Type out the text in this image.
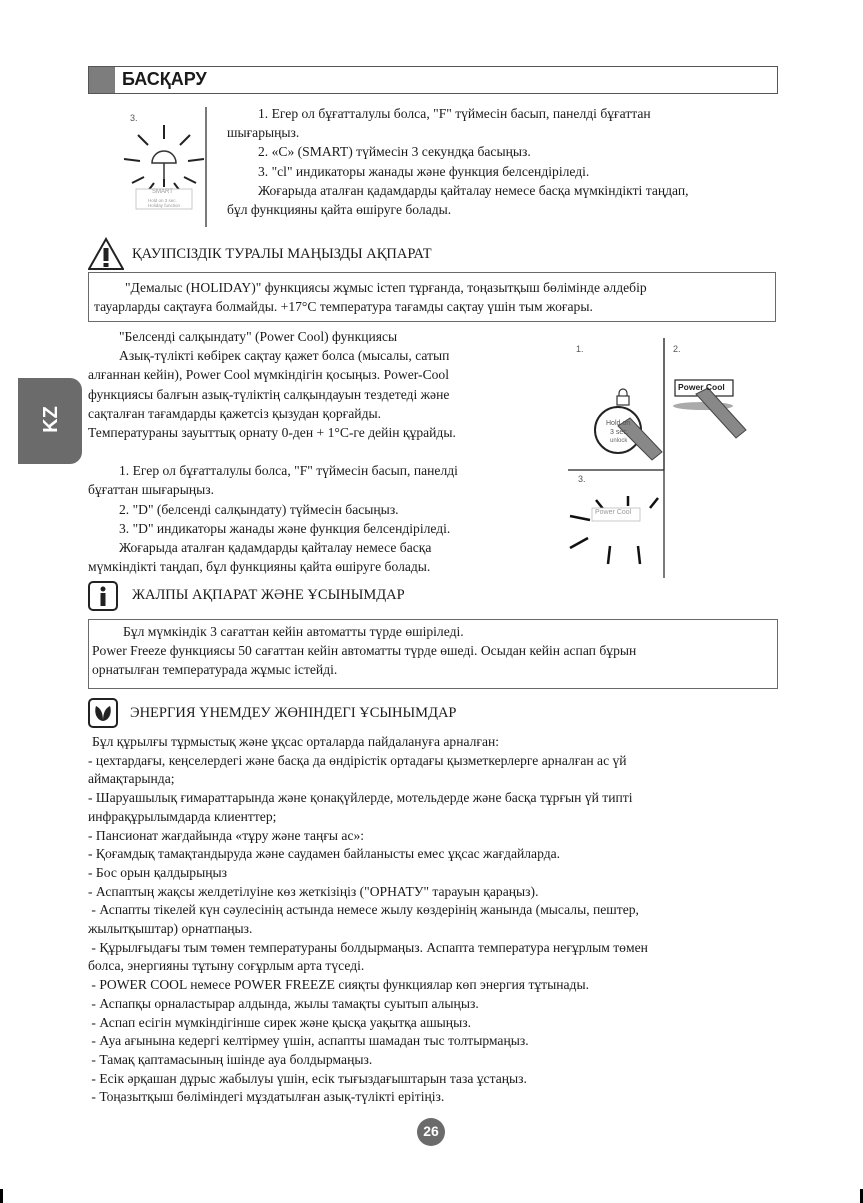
БАСҚАРУ
KZ
3.
SMART
Hold on 3 sec.
Holiday function

1. Егер ол бұғатталулы болса, "F" түймесін басып, панелді бұғаттан

шығарыңыз.

2. «C» (SMART) түймесін 3 секундқа басыңыз.

3. "cl" индикаторы жанады және функция белсендіріледі.

Жоғарыда аталған қадамдарды қайталау немесе басқа мүмкіндікті таңдап,

бұл функцияны қайта өшіруге болады.

ҚАУІПСІЗДІК ТУРАЛЫ МАҢЫЗДЫ АҚПАРАТ

"Демалыс (HOLIDAY)" функциясы жұмыс істеп тұрғанда, тоңазытқыш бөлімінде әлдебір

тауарларды сақтауға болмайды. +17°C температура тағамды сақтау үшін тым жоғары.

"Белсенді салқындату" (Power Cool) функциясы

Азық-түлікті көбірек сақтау қажет болса (мысалы, сатып

алғаннан кейін), Power Cool мүмкіндігін қосыңыз. Power-Cool

функциясы балғын азық-түліктің салқындауын тездетеді және

сақталған тағамдарды қажетсіз қызудан қорғайды.

Температураны зауыттық орнату 0-ден + 1°C-ге дейін құрайды.

1. Егер ол бұғатталулы болса, "F" түймесін басып, панелді

бұғаттан шығарыңыз.

2. "D" (белсенді салқындату) түймесін басыңыз.

3. "D" индикаторы жанады және функция белсендіріледі.

Жоғарыда аталған қадамдарды қайталау немесе басқа

мүмкіндікті таңдап, бұл функцияны қайта өшіруге болады.

1.	2.
3.
Hold on
3 sec.
unlock
Power Cool
Power Cool
ЖАЛПЫ АҚПАРАТ ЖӘНЕ ҰСЫНЫМДАР

Бұл мүмкіндік 3 сағаттан кейін автоматты түрде өшіріледі.

Power Freeze функциясы 50 сағаттан кейін автоматты түрде өшеді. Осыдан кейін аспап бұрын

орнатылған температурада жұмыс істейді.

ЭНЕРГИЯ ҮНЕМДЕУ ЖӨНІНДЕГІ ҰСЫНЫМДАР

Бұл құрылғы тұрмыстық және ұқсас орталарда пайдалануға арналған:

- цехтардағы, кеңселердегі және басқа да өндірістік ортадағы қызметкерлерге арналған ас үй

аймақтарында;

- Шаруашылық ғимараттарында және қонақүйлерде, мотельдерде және басқа тұрғын үй типті

инфрақұрылымдарда клиенттер;

- Пансионат жағдайында «тұру және таңғы ас»:

- Қоғамдық тамақтандыруда және саудамен байланысты емес ұқсас жағдайларда.

- Бос орын қалдырыңыз

- Аспаптың жақсы желдетілуіне көз жеткізіңіз ("ОРНАТУ" тарауын қараңыз).

- Аспапты тікелей күн сәулесінің астында немесе жылу көздерінің жанында (мысалы, пештер,

жылытқыштар) орнатпаңыз.

- Құрылғыдағы тым төмен температураны болдырмаңыз. Аспапта температура неғұрлым төмен

болса, энергияны тұтыну соғұрлым арта түседі.

- POWER COOL немесе POWER FREEZE сияқты функциялар көп энергия тұтынады.

- Аспапқы орналастырар алдында, жылы тамақты суытып алыңыз.

- Аспап есігін мүмкіндігінше сирек және қысқа уақытқа ашыңыз.

- Ауа ағынына кедергі келтірмеу үшін, аспапты шамадан тыс толтырмаңыз.

- Тамақ қаптамасының ішінде ауа болдырмаңыз.

- Есік әрқашан дұрыс жабылуы үшін, есік тығыздағыштарын таза ұстаңыз.

- Тоңазытқыш бөліміндегі мұздатылған азық-түлікті ерітіңіз.

26
